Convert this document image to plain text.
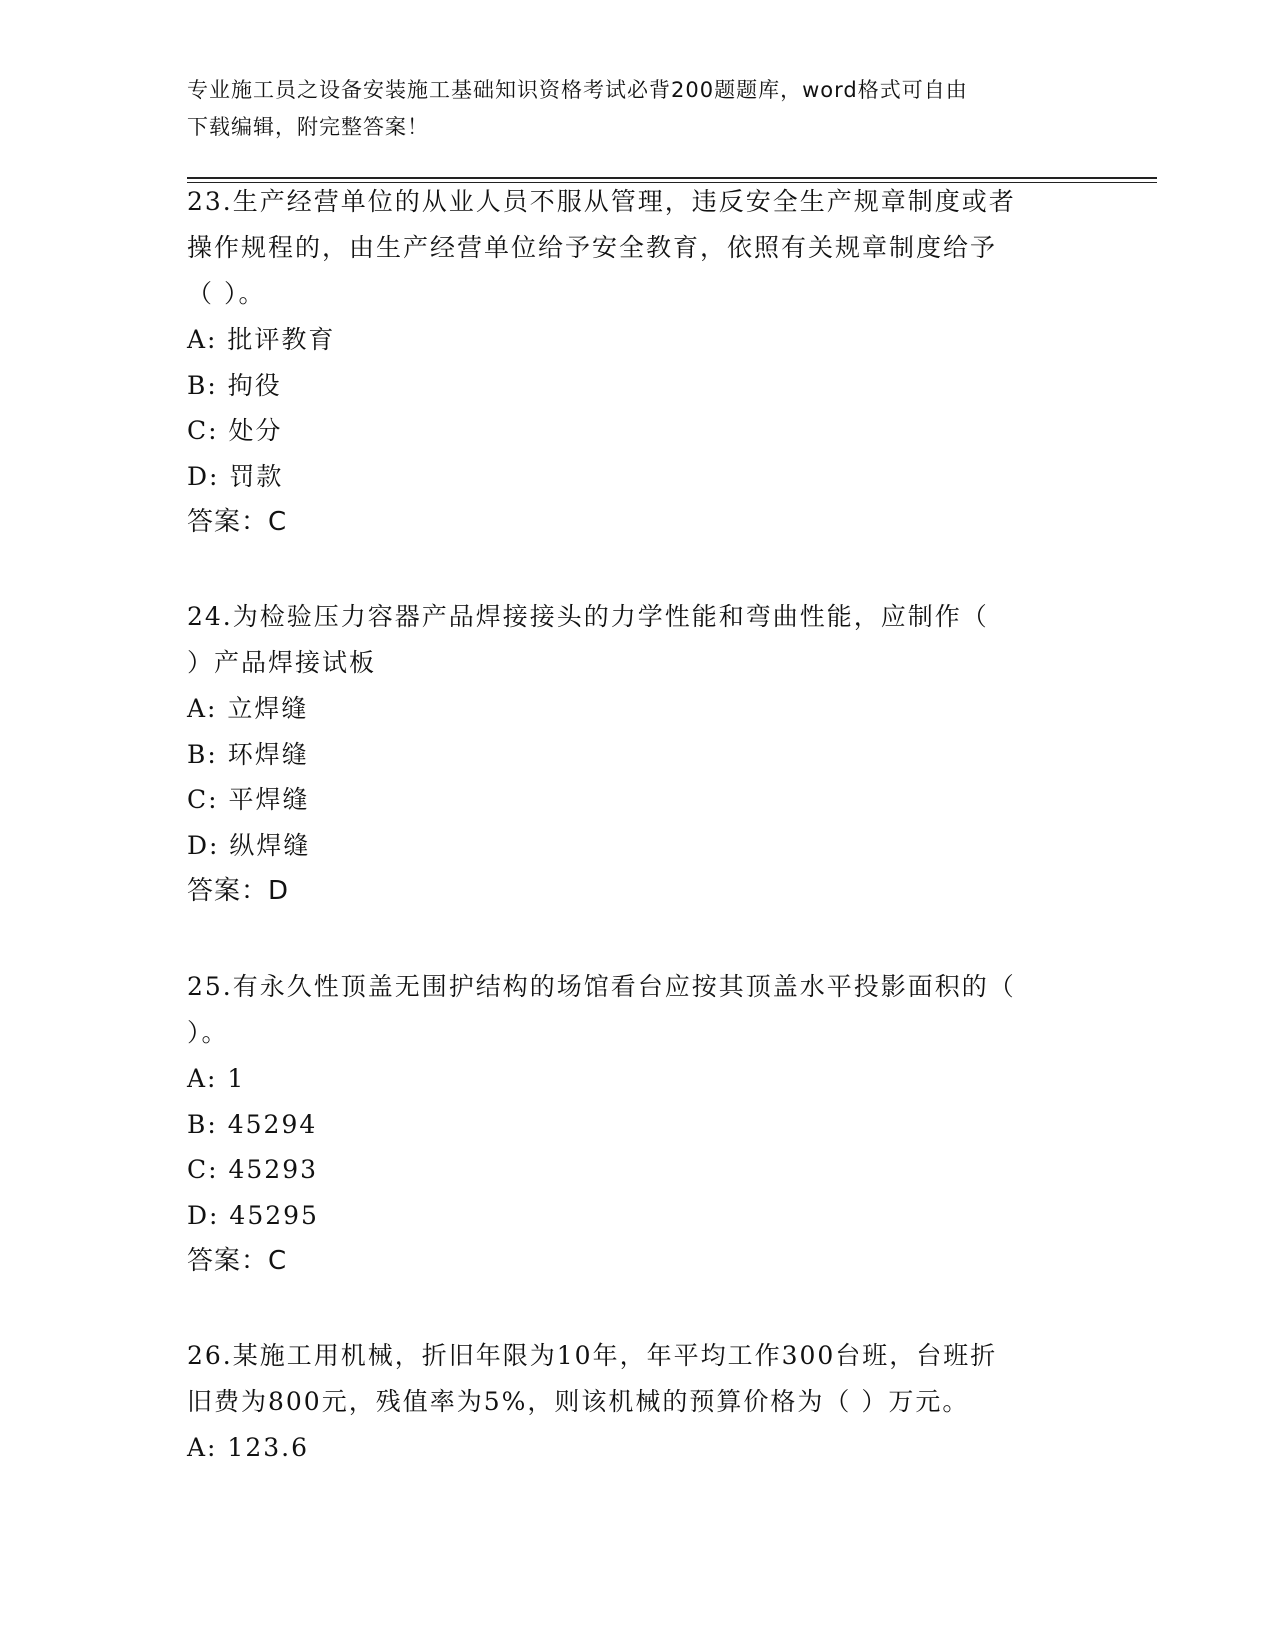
专业施工员之设备安装施工基础知识资格考试必背200题题库，word格式可自由
下载编辑，附完整答案！
23.生产经营单位的从业人员不服从管理，违反安全生产规章制度或者
操作规程的，由生产经营单位给予安全教育，依照有关规章制度给予
（ ）。
A: 批评教育
B: 拘役
C: 处分
D: 罚款
答案：C
24.为检验压力容器产品焊接接头的力学性能和弯曲性能，应制作（
）产品焊接试板
A: 立焊缝
B: 环焊缝
C: 平焊缝
D: 纵焊缝
答案：D
25.有永久性顶盖无围护结构的场馆看台应按其顶盖水平投影面积的（
）。
A: 1
B: 45294
C: 45293
D: 45295
答案：C
26.某施工用机械，折旧年限为10年，年平均工作300台班，台班折
旧费为800元，残值率为5%，则该机械的预算价格为（ ）万元。
A: 123.6
